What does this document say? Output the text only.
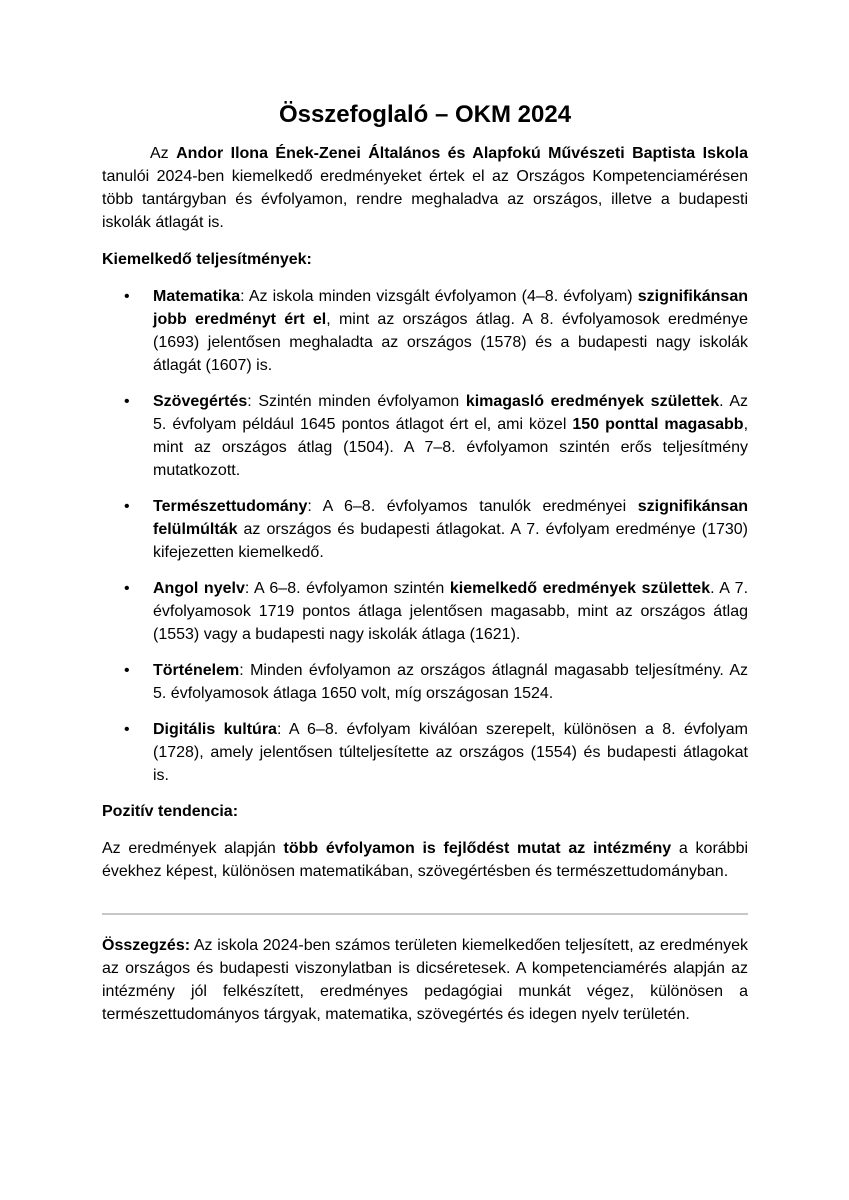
Összefoglaló – OKM 2024

Az Andor Ilona Ének-Zenei Általános és Alapfokú Művészeti Baptista Iskola tanulói 2024-ben kiemelkedő eredményeket értek el az Országos Kompetenciamérésen több tantárgyban és évfolyamon, rendre meghaladva az országos, illetve a budapesti iskolák átlagát is.

Kiemelkedő teljesítmények:

• Matematika: Az iskola minden vizsgált évfolyamon (4–8. évfolyam) szignifikánsan jobb eredményt ért el, mint az országos átlag. A 8. évfolyamosok eredménye (1693) jelentősen meghaladta az országos (1578) és a budapesti nagy iskolák átlagát (1607) is.
• Szövegértés: Szintén minden évfolyamon kimagasló eredmények születtek. Az 5. évfolyam például 1645 pontos átlagot ért el, ami közel 150 ponttal magasabb, mint az országos átlag (1504). A 7–8. évfolyamon szintén erős teljesítmény mutatkozott.
• Természettudomány: A 6–8. évfolyamos tanulók eredményei szignifikánsan felülmúlták az országos és budapesti átlagokat. A 7. évfolyam eredménye (1730) kifejezetten kiemelkedő.
• Angol nyelv: A 6–8. évfolyamon szintén kiemelkedő eredmények születtek. A 7. évfolyamosok 1719 pontos átlaga jelentősen magasabb, mint az országos átlag (1553) vagy a budapesti nagy iskolák átlaga (1621).
• Történelem: Minden évfolyamon az országos átlagnál magasabb teljesítmény. Az 5. évfolyamosok átlaga 1650 volt, míg országosan 1524.
• Digitális kultúra: A 6–8. évfolyam kiválóan szerepelt, különösen a 8. évfolyam (1728), amely jelentősen túlteljesítette az országos (1554) és budapesti átlagokat is.

Pozitív tendencia:

Az eredmények alapján több évfolyamon is fejlődést mutat az intézmény a korábbi évekhez képest, különösen matematikában, szövegértésben és természettudományban.

Összegzés: Az iskola 2024-ben számos területen kiemelkedően teljesített, az eredmények az országos és budapesti viszonylatban is dicséretesek. A kompetenciamérés alapján az intézmény jól felkészített, eredményes pedagógiai munkát végez, különösen a természettudományos tárgyak, matematika, szövegértés és idegen nyelv területén.
